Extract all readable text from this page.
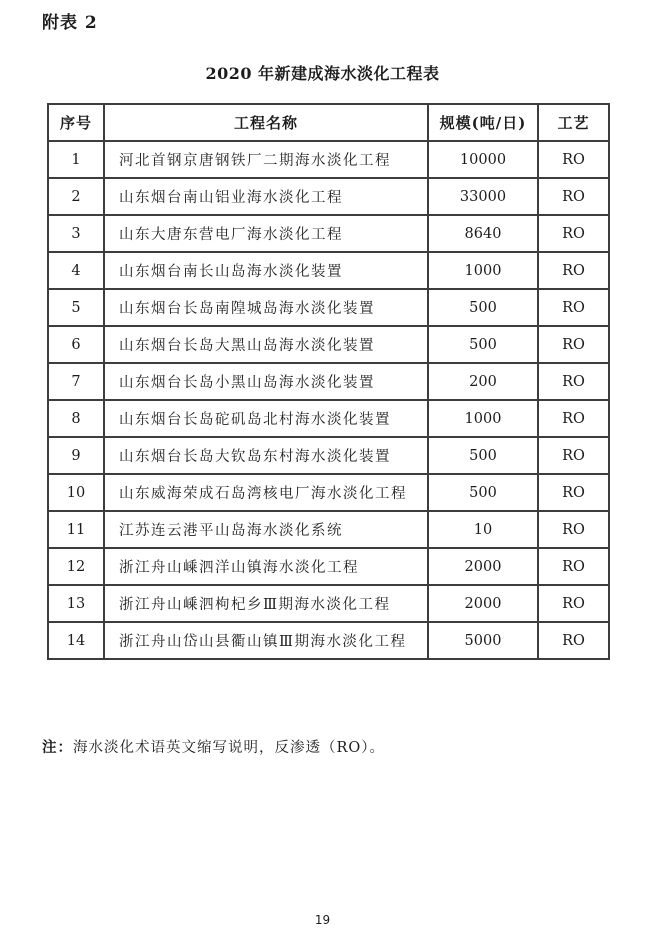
附表 2
2020 年新建成海水淡化工程表
序号	工程名称	规模(吨/日)	工艺
1	河北首钢京唐钢铁厂二期海水淡化工程	10000	RO
2	山东烟台南山铝业海水淡化工程	33000	RO
3	山东大唐东营电厂海水淡化工程	8640	RO
4	山东烟台南长山岛海水淡化装置	1000	RO
5	山东烟台长岛南隍城岛海水淡化装置	500	RO
6	山东烟台长岛大黑山岛海水淡化装置	500	RO
7	山东烟台长岛小黑山岛海水淡化装置	200	RO
8	山东烟台长岛砣矶岛北村海水淡化装置	1000	RO
9	山东烟台长岛大钦岛东村海水淡化装置	500	RO
10	山东威海荣成石岛湾核电厂海水淡化工程	500	RO
11	江苏连云港平山岛海水淡化系统	10	RO
12	浙江舟山嵊泗洋山镇海水淡化工程	2000	RO
13	浙江舟山嵊泗枸杞乡Ⅲ期海水淡化工程	2000	RO
14	浙江舟山岱山县衢山镇Ⅲ期海水淡化工程	5000	RO
注：海水淡化术语英文缩写说明，反渗透（RO）。
19
